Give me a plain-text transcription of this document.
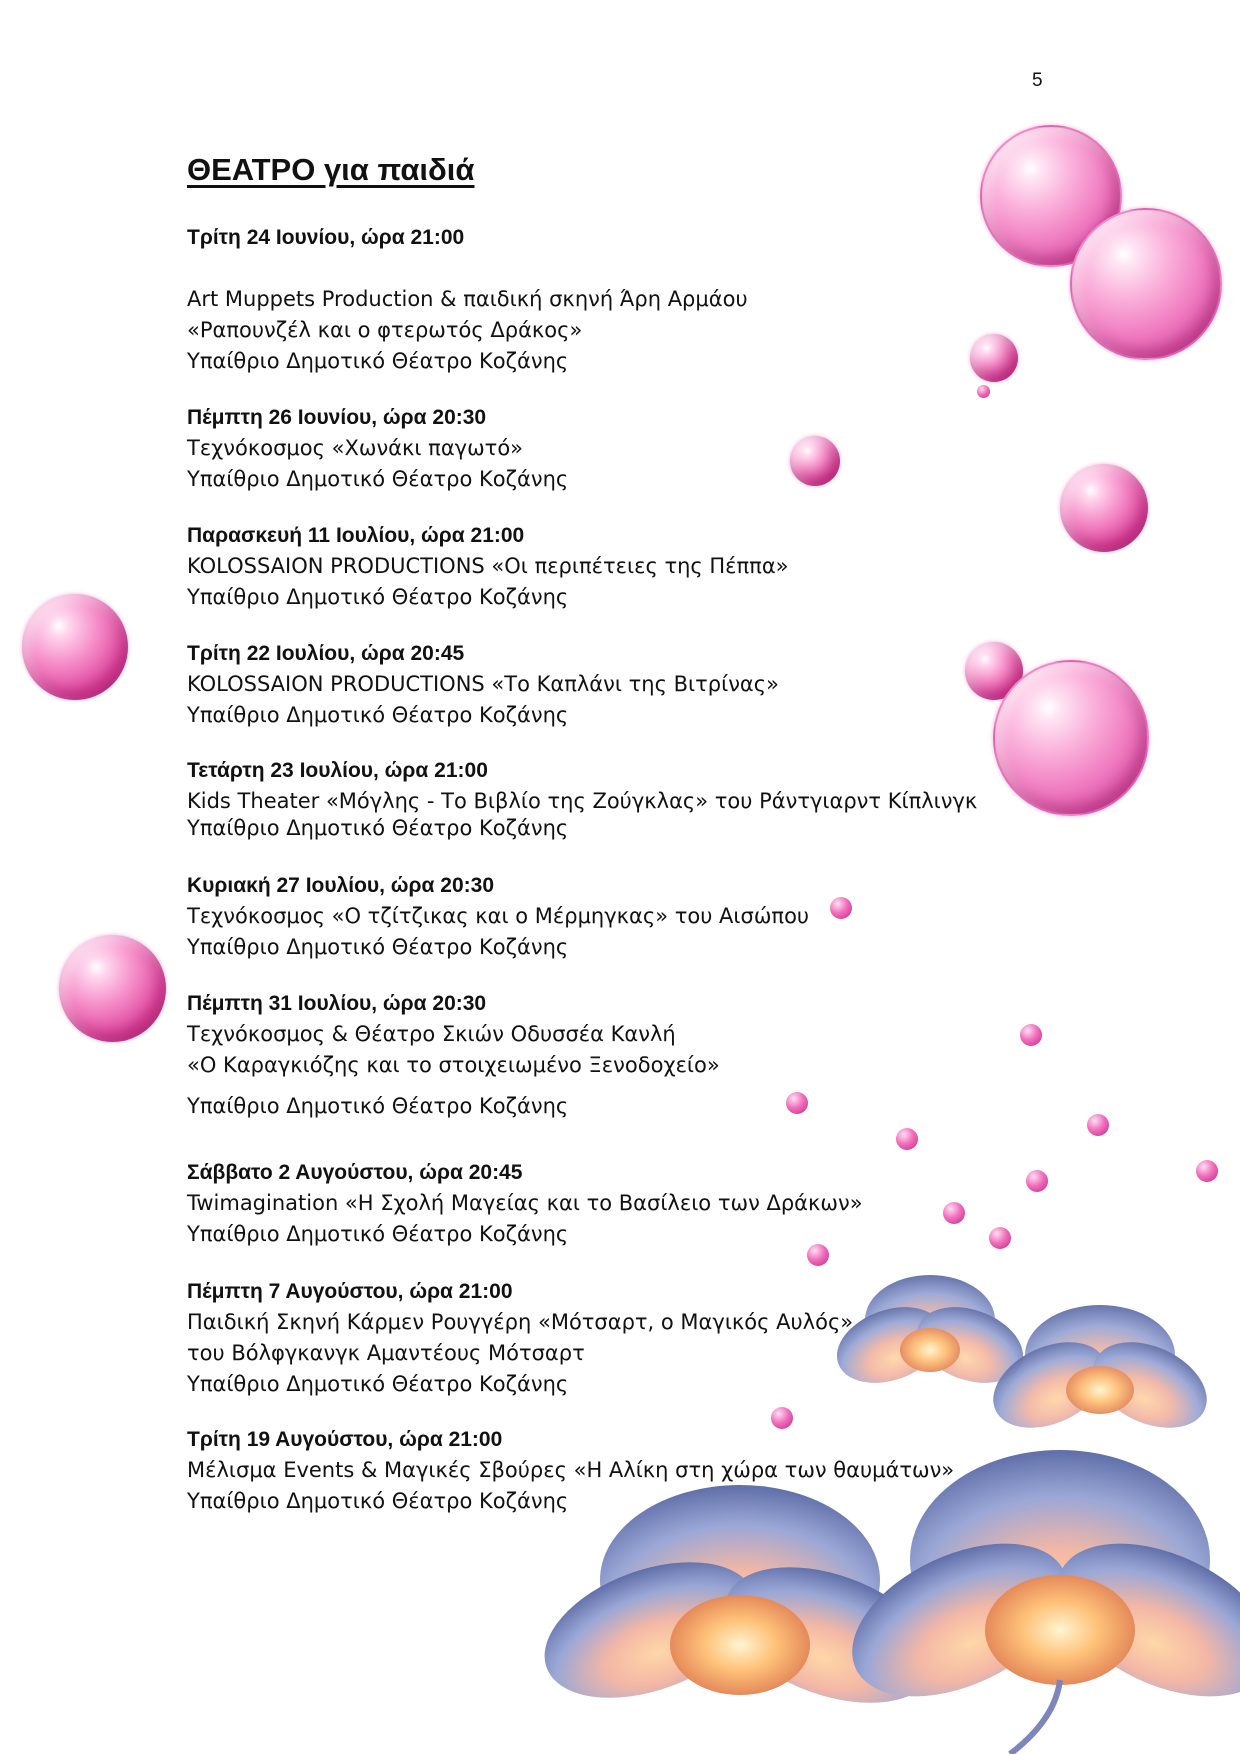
5
ΘΕΑΤΡΟ για παιδιά
Τρίτη 24 Ιουνίου, ώρα 21:00
Art Muppets Production & παιδική σκηνή Άρη Αρμάου
«Ραπουνζέλ και ο φτερωτός Δράκος»
Υπαίθριο Δημοτικό Θέατρο Κοζάνης
Πέμπτη 26 Ιουνίου, ώρα 20:30
Τεχνόκοσμος «Χωνάκι παγωτό»
Υπαίθριο Δημοτικό Θέατρο Κοζάνης
Παρασκευή 11 Ιουλίου, ώρα 21:00
KOLOSSAION PRODUCTIONS «Οι περιπέτειες της Πέππα»
Υπαίθριο Δημοτικό Θέατρο Κοζάνης
Τρίτη 22 Ιουλίου, ώρα 20:45
KOLOSSAION PRODUCTIONS «Το Καπλάνι της Βιτρίνας»
Υπαίθριο Δημοτικό Θέατρο Κοζάνης
Τετάρτη 23 Ιουλίου, ώρα 21:00
Kids Theater «Μόγλης - Το Βιβλίο της Ζούγκλας» του Ράντγιαρντ Κίπλινγκ
Υπαίθριο Δημοτικό Θέατρο Κοζάνης
Κυριακή 27 Ιουλίου, ώρα 20:30
Τεχνόκοσμος «Ο τζίτζικας και ο Μέρμηγκας» του Αισώπου
Υπαίθριο Δημοτικό Θέατρο Κοζάνης
Πέμπτη 31 Ιουλίου, ώρα 20:30
Τεχνόκοσμος & Θέατρο Σκιών Οδυσσέα Κανλή
«Ο Καραγκιόζης και το στοιχειωμένο Ξενοδοχείο»
Υπαίθριο Δημοτικό Θέατρο Κοζάνης
Σάββατο 2 Αυγούστου, ώρα 20:45
Twimagination «Η Σχολή Μαγείας και το Βασίλειο των Δράκων»
Υπαίθριο Δημοτικό Θέατρο Κοζάνης
Πέμπτη 7 Αυγούστου, ώρα 21:00
Παιδική Σκηνή Κάρμεν Ρουγγέρη «Μότσαρτ, ο Μαγικός Αυλός»
του Βόλφγκανγκ Αμαντέους Μότσαρτ
Υπαίθριο Δημοτικό Θέατρο Κοζάνης
Τρίτη 19 Αυγούστου, ώρα 21:00
Μέλισμα Events & Μαγικές Σβούρες «Η Αλίκη στη χώρα των θαυμάτων»
Υπαίθριο Δημοτικό Θέατρο Κοζάνης
